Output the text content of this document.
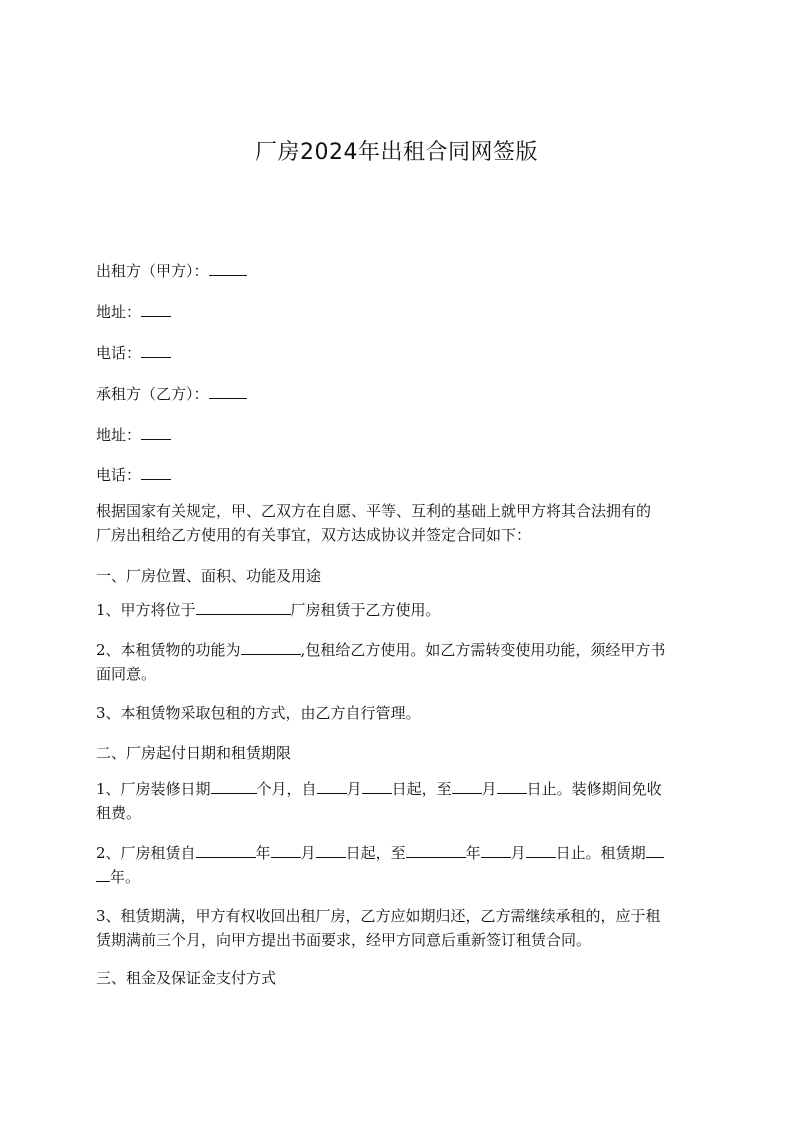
厂房2024年出租合同网签版

出租方（甲方）：

地址：

电话：

承租方（乙方）：

地址：

电话：

根据国家有关规定，甲、乙双方在自愿、平等、互利的基础上就甲方将其合法拥有的

厂房出租给乙方使用的有关事宜，双方达成协议并签定合同如下：

一、厂房位置、面积、功能及用途

1、甲方将位于	厂房租赁于乙方使用。

2、本租赁物的功能为	,包租给乙方使用。如乙方需转变使用功能，须经甲方书

面同意。

3、本租赁物采取包租的方式，由乙方自行管理。

二、厂房起付日期和租赁期限

1、厂房装修日期	个月，自 月 日起，至 月 日止。装修期间免收

租费。

2、厂房租赁自	年 月 日起，至	年 月 日止。租赁期

年。

3、租赁期满，甲方有权收回出租厂房，乙方应如期归还，乙方需继续承租的，应于租

赁期满前三个月，向甲方提出书面要求，经甲方同意后重新签订租赁合同。

三、租金及保证金支付方式
